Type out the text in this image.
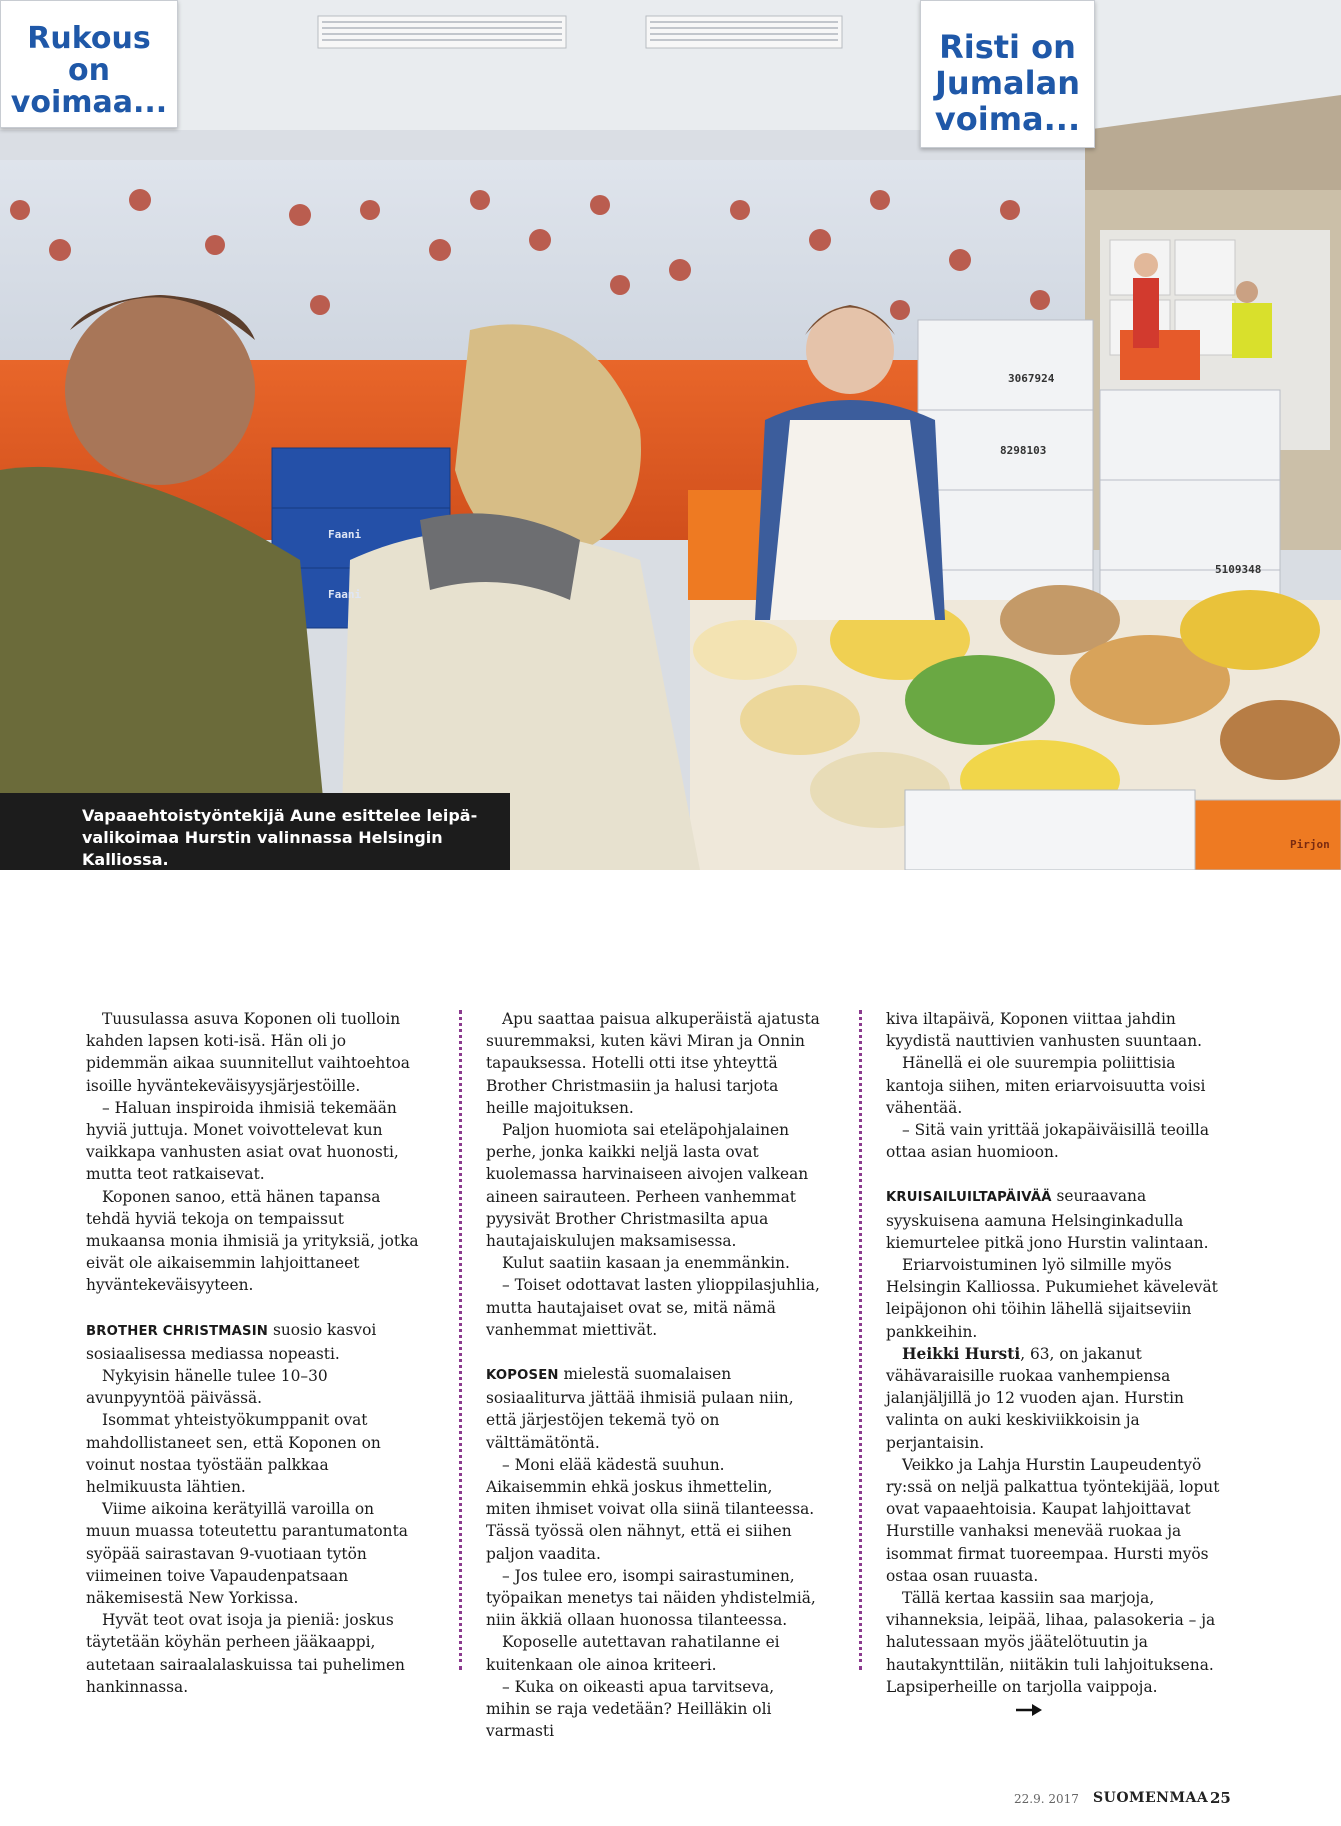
Rukous
on
voimaa...
Risti on
Jumalan
voima...
3067924
8298103
5109348
Faani
Faani
Pirjon
Vapaaehtoistyöntekijä Aune esittelee leipä-
valikoimaa Hurstin valinnassa Helsingin Kalliossa.

Tuusulassa asuva Koponen oli tuolloin kahden lapsen koti-isä. Hän oli jo pidemmän aikaa suunnitellut vaihtoehtoa isoille hyväntekeväisyysjärjestöille.

– Haluan inspiroida ihmisiä tekemään hyviä juttuja. Monet voivottelevat kun vaikkapa vanhusten asiat ovat huonosti, mutta teot ratkaisevat.

Koponen sanoo, että hänen tapansa tehdä hyviä tekoja on tempaissut mukaansa monia ihmisiä ja yrityksiä, jotka eivät ole aikaisemmin lahjoittaneet hyväntekeväisyyteen.

BROTHER CHRISTMASIN suosio kasvoi sosiaalisessa mediassa nopeasti.

Nykyisin hänelle tulee 10–30 avunpyyntöä päivässä.

Isommat yhteistyökumppanit ovat mahdollistaneet sen, että Koponen on voinut nostaa työstään palkkaa helmikuusta lähtien.

Viime aikoina kerätyillä varoilla on muun muassa toteutettu parantumatonta syöpää sairastavan 9-vuotiaan tytön viimeinen toive Vapaudenpatsaan näkemisestä New Yorkissa.

Hyvät teot ovat isoja ja pieniä: joskus täytetään köyhän perheen jääkaappi, autetaan sairaalalaskuissa tai puhelimen hankinnassa.

Apu saattaa paisua alkuperäistä ajatusta suuremmaksi, kuten kävi Miran ja Onnin tapauksessa. Hotelli otti itse yhteyttä Brother Christmasiin ja halusi tarjota heille majoituksen.

Paljon huomiota sai eteläpohjalainen perhe, jonka kaikki neljä lasta ovat kuolemassa harvinaiseen aivojen valkean aineen sairauteen. Perheen vanhemmat pyysivät Brother Christmasilta apua hautajaiskulujen maksamisessa.

Kulut saatiin kasaan ja enemmänkin.

– Toiset odottavat lasten ylioppilasjuhlia, mutta hautajaiset ovat se, mitä nämä vanhemmat miettivät.

KOPOSEN mielestä suomalaisen sosiaaliturva jättää ihmisiä pulaan niin, että järjestöjen tekemä työ on välttämätöntä.

– Moni elää kädestä suuhun. Aikaisemmin ehkä joskus ihmettelin, miten ihmiset voivat olla siinä tilanteessa. Tässä työssä olen nähnyt, että ei siihen paljon vaadita.

– Jos tulee ero, isompi sairastuminen, työpaikan menetys tai näiden yhdistelmiä, niin äkkiä ollaan huonossa tilanteessa.

Koposelle autettavan rahatilanne ei kuitenkaan ole ainoa kriteeri.

– Kuka on oikeasti apua tarvitseva, mihin se raja vedetään? Heilläkin oli varmasti

kiva iltapäivä, Koponen viittaa jahdin kyydistä nauttivien vanhusten suuntaan.

Hänellä ei ole suurempia poliittisia kantoja siihen, miten eriarvoisuutta voisi vähentää.

– Sitä vain yrittää jokapäiväisillä teoilla ottaa asian huomioon.

KRUISAILUILTAPÄIVÄÄ seuraavana syyskuisena aamuna Helsinginkadulla kiemurtelee pitkä jono Hurstin valintaan.

Eriarvoistuminen lyö silmille myös Helsingin Kalliossa. Pukumiehet kävelevät leipäjonon ohi töihin lähellä sijaitseviin pankkeihin.

Heikki Hursti, 63, on jakanut vähävaraisille ruokaa vanhempiensa jalanjäljillä jo 12 vuoden ajan. Hurstin valinta on auki keskiviikkoisin ja perjantaisin.

Veikko ja Lahja Hurstin Laupeudentyö ry:ssä on neljä palkattua työntekijää, loput ovat vapaaehtoisia. Kaupat lahjoittavat Hurstille vanhaksi menevää ruokaa ja isommat firmat tuoreempaa. Hursti myös ostaa osan ruuasta.

Tällä kertaa kassiin saa marjoja, vihanneksia, leipää, lihaa, palasokeria – ja halutessaan myös jäätelötuutin ja hautakynttilän, niitäkin tuli lahjoituksena. Lapsiperheille on tarjolla vaippoja.

22.9. 2017 SUOMENMAA 25
